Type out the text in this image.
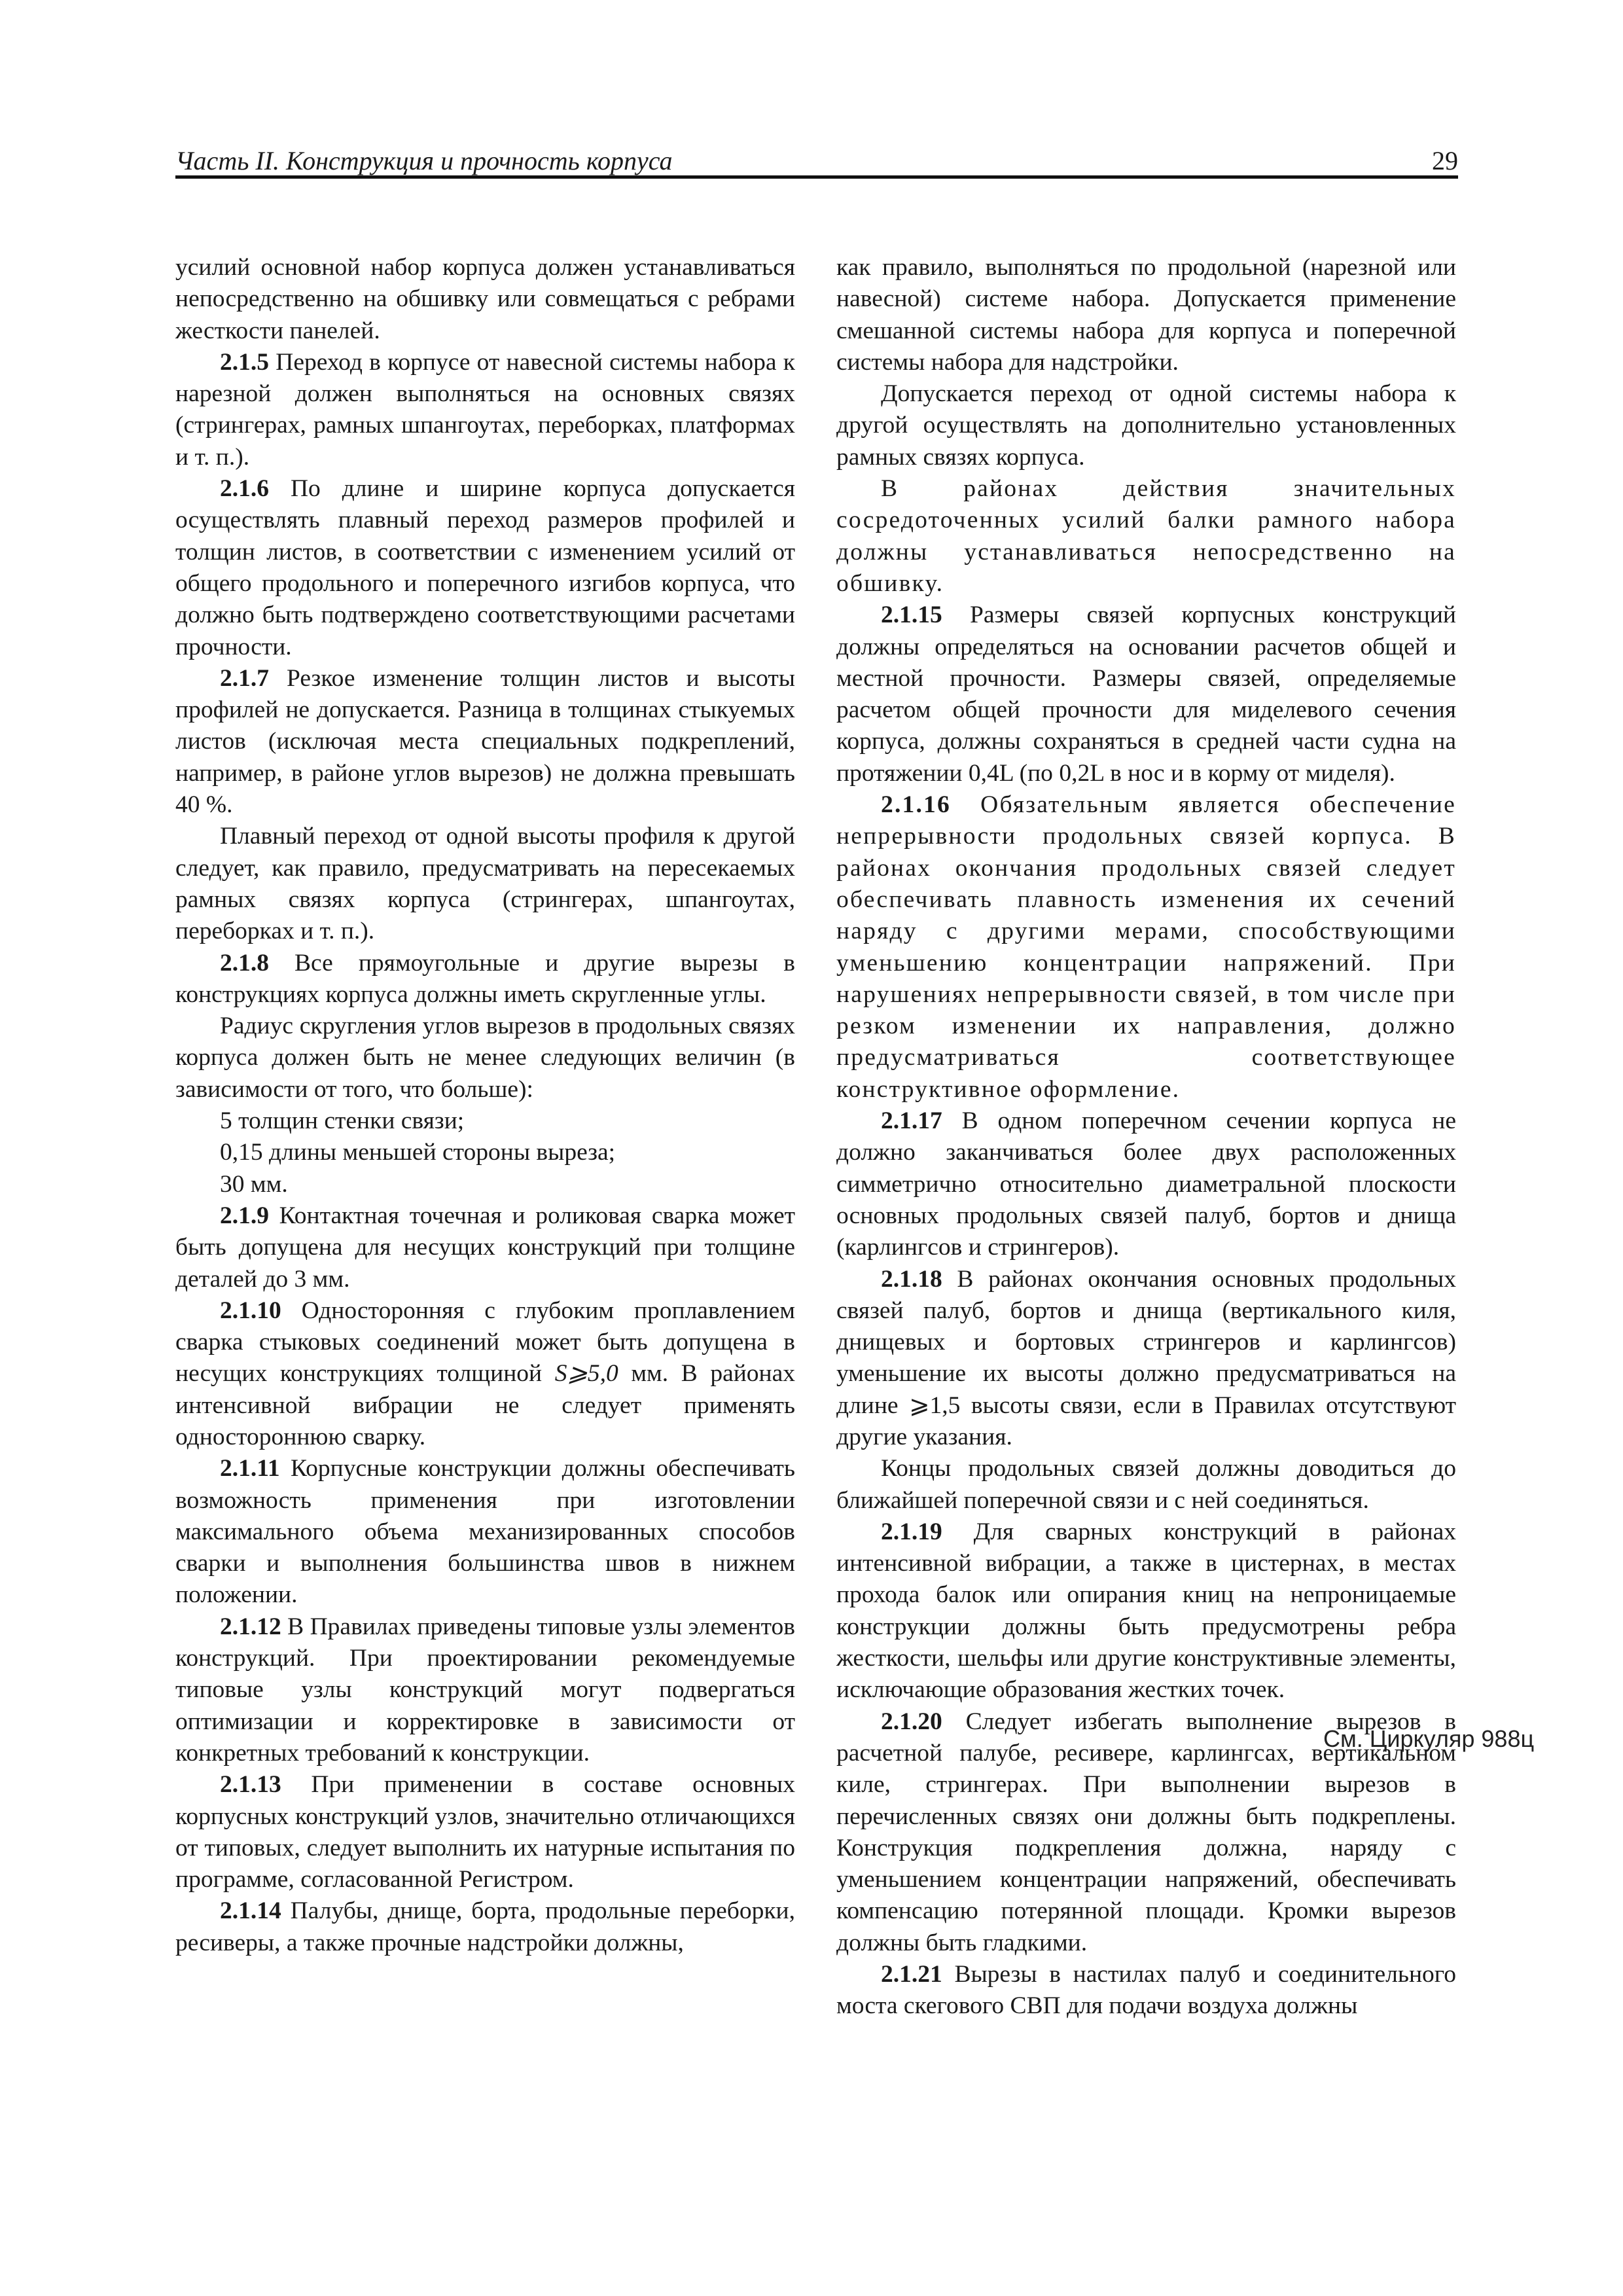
Часть II. Конструкция и прочность корпуса	29

усилий основной набор корпуса должен устанавливаться непосредственно на обшивку или совмещаться с ребрами жесткости панелей.

2.1.5 Переход в корпусе от навесной системы набора к нарезной должен выполняться на основных связях (стрингерах, рамных шпангоутах, переборках, платформах и т. п.).

2.1.6 По длине и ширине корпуса допускается осуществлять плавный переход размеров профилей и толщин листов, в соответствии с изменением усилий от общего продольного и поперечного изгибов корпуса, что должно быть подтверждено соответствующими расчетами прочности.

2.1.7 Резкое изменение толщин листов и высоты профилей не допускается. Разница в толщинах стыкуемых листов (исключая места специальных подкреплений, например, в районе углов вырезов) не должна превышать 40 %.

Плавный переход от одной высоты профиля к другой следует, как правило, предусматривать на пересекаемых рамных связях корпуса (стрингерах, шпангоутах, переборках и т. п.).

2.1.8 Все прямоугольные и другие вырезы в конструкциях корпуса должны иметь скругленные углы.

Радиус скругления углов вырезов в продольных связях корпуса должен быть не менее следующих величин (в зависимости от того, что больше):

5 толщин стенки связи;

0,15 длины меньшей стороны выреза;

30 мм.

2.1.9 Контактная точечная и роликовая сварка может быть допущена для несущих конструкций при толщине деталей до 3 мм.

2.1.10 Односторонняя с глубоким проплавлением сварка стыковых соединений может быть допущена в несущих конструкциях толщиной S⩾5,0 мм. В районах интенсивной вибрации не следует применять одностороннюю сварку.

2.1.11 Корпусные конструкции должны обеспечивать возможность применения при изготовлении максимального объема механизированных способов сварки и выполнения большинства швов в нижнем положении.

2.1.12 В Правилах приведены типовые узлы элементов конструкций. При проектировании рекомендуемые типовые узлы конструкций могут подвергаться оптимизации и корректировке в зависимости от конкретных требований к конструкции.

2.1.13 При применении в составе основных корпусных конструкций узлов, значительно отличающихся от типовых, следует выполнить их натурные испытания по программе, согласованной Регистром.

2.1.14 Палубы, днище, борта, продольные переборки, ресиверы, а также прочные надстройки должны,

как правило, выполняться по продольной (нарезной или навесной) системе набора. Допускается применение смешанной системы набора для корпуса и поперечной системы набора для надстройки.

Допускается переход от одной системы набора к другой осуществлять на дополнительно установленных рамных связях корпуса.

В районах действия значительных сосредоточенных усилий балки рамного набора должны устанавливаться непосредственно на обшивку.

2.1.15 Размеры связей корпусных конструкций должны определяться на основании расчетов общей и местной прочности. Размеры связей, определяемые расчетом общей прочности для миделевого сечения корпуса, должны сохраняться в средней части судна на протяжении 0,4L (по 0,2L в нос и в корму от миделя).

2.1.16 Обязательным является обеспечение непрерывности продольных связей корпуса. В районах окончания продольных связей следует обеспечивать плавность изменения их сечений наряду с другими мерами, способствующими уменьшению концентрации напряжений. При нарушениях непрерывности связей, в том числе при резком изменении их направления, должно предусматриваться соответствующее конструктивное оформление.

2.1.17 В одном поперечном сечении корпуса не должно заканчиваться более двух расположенных симметрично относительно диаметральной плоскости основных продольных связей палуб, бортов и днища (карлингсов и стрингеров).

2.1.18 В районах окончания основных продольных связей палуб, бортов и днища (вертикального киля, днищевых и бортовых стрингеров и карлингсов) уменьшение их высоты должно предусматриваться на длине ⩾1,5 высоты связи, если в Правилах отсутствуют другие указания.

Концы продольных связей должны доводиться до ближайшей поперечной связи и с ней соединяться.

2.1.19 Для сварных конструкций в районах интенсивной вибрации, а также в цистернах, в местах прохода балок или опирания книц на непроницаемые конструкции должны быть предусмотрены ребра жесткости, шельфы или другие конструктивные элементы, исключающие образования жестких точек.

2.1.20 Следует избегать выполнение вырезов в расчетной палубе, ресивере, карлингсах, вертикальном киле, стрингерах. При выполнении вырезов в перечисленных связях они должны быть подкреплены. Конструкция подкрепления должна, наряду с уменьшением концентрации напряжений, обеспечивать компенсацию потерянной площади. Кромки вырезов должны быть гладкими.

2.1.21 Вырезы в настилах палуб и соединительного моста скегового СВП для подачи воздуха должны

См. Циркуляр 988ц
